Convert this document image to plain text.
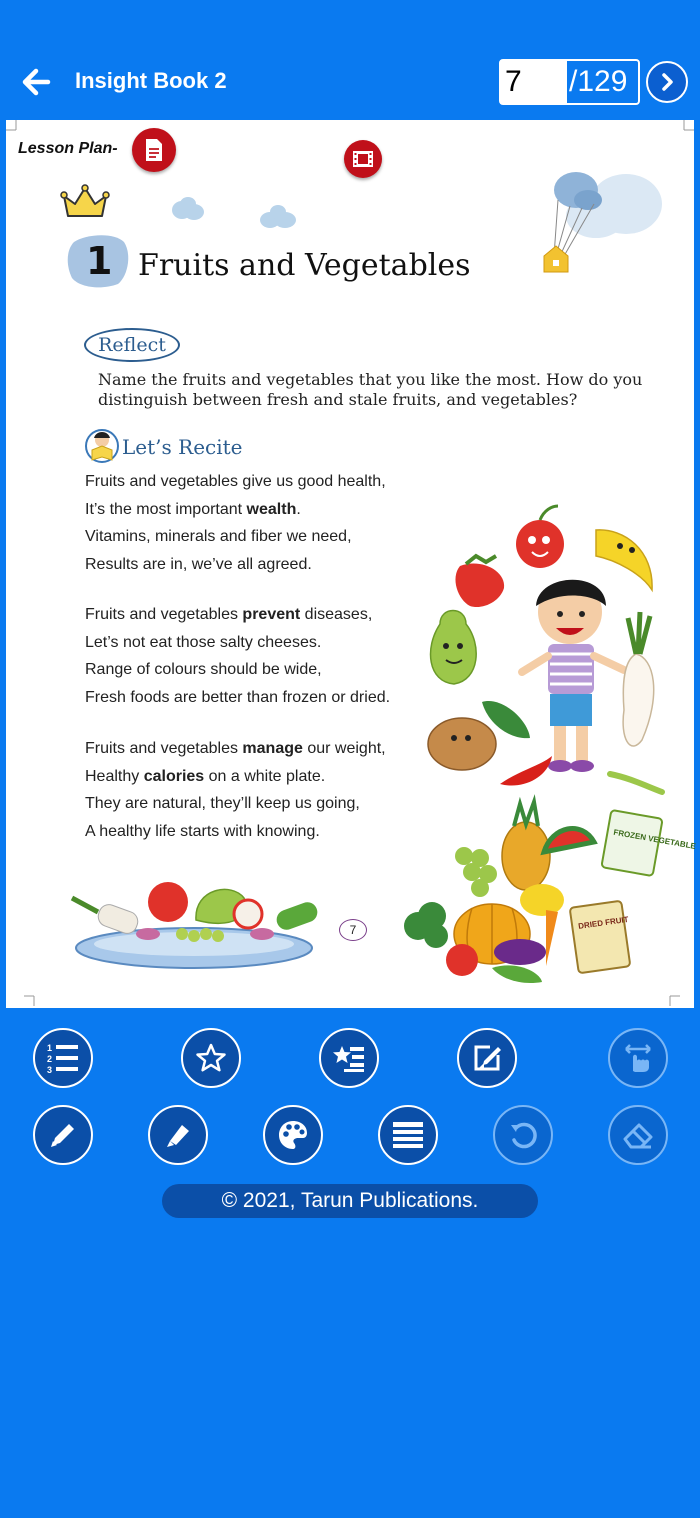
Insight Book 2
7	/129
Lesson Plan-
1 Fruits and Vegetables
Reflect
Name the fruits and vegetables that you like the most. How do you distinguish between fresh and stale fruits, and vegetables?
Let’s Recite
Fruits and vegetables give us good health,
It’s the most important wealth.
Vitamins, minerals and fiber we need,
Results are in, we’ve all agreed.
Fruits and vegetables prevent diseases,
Let’s not eat those salty cheeses.
Range of colours should be wide,
Fresh foods are better than frozen or dried.
Fruits and vegetables manage our weight,
Healthy calories on a white plate.
They are natural, they’ll keep us going,
A healthy life starts with knowing.	FROZEN VEGETABLE
DRIED FRUIT
7
1
2
3
© 2021, Tarun Publications.
